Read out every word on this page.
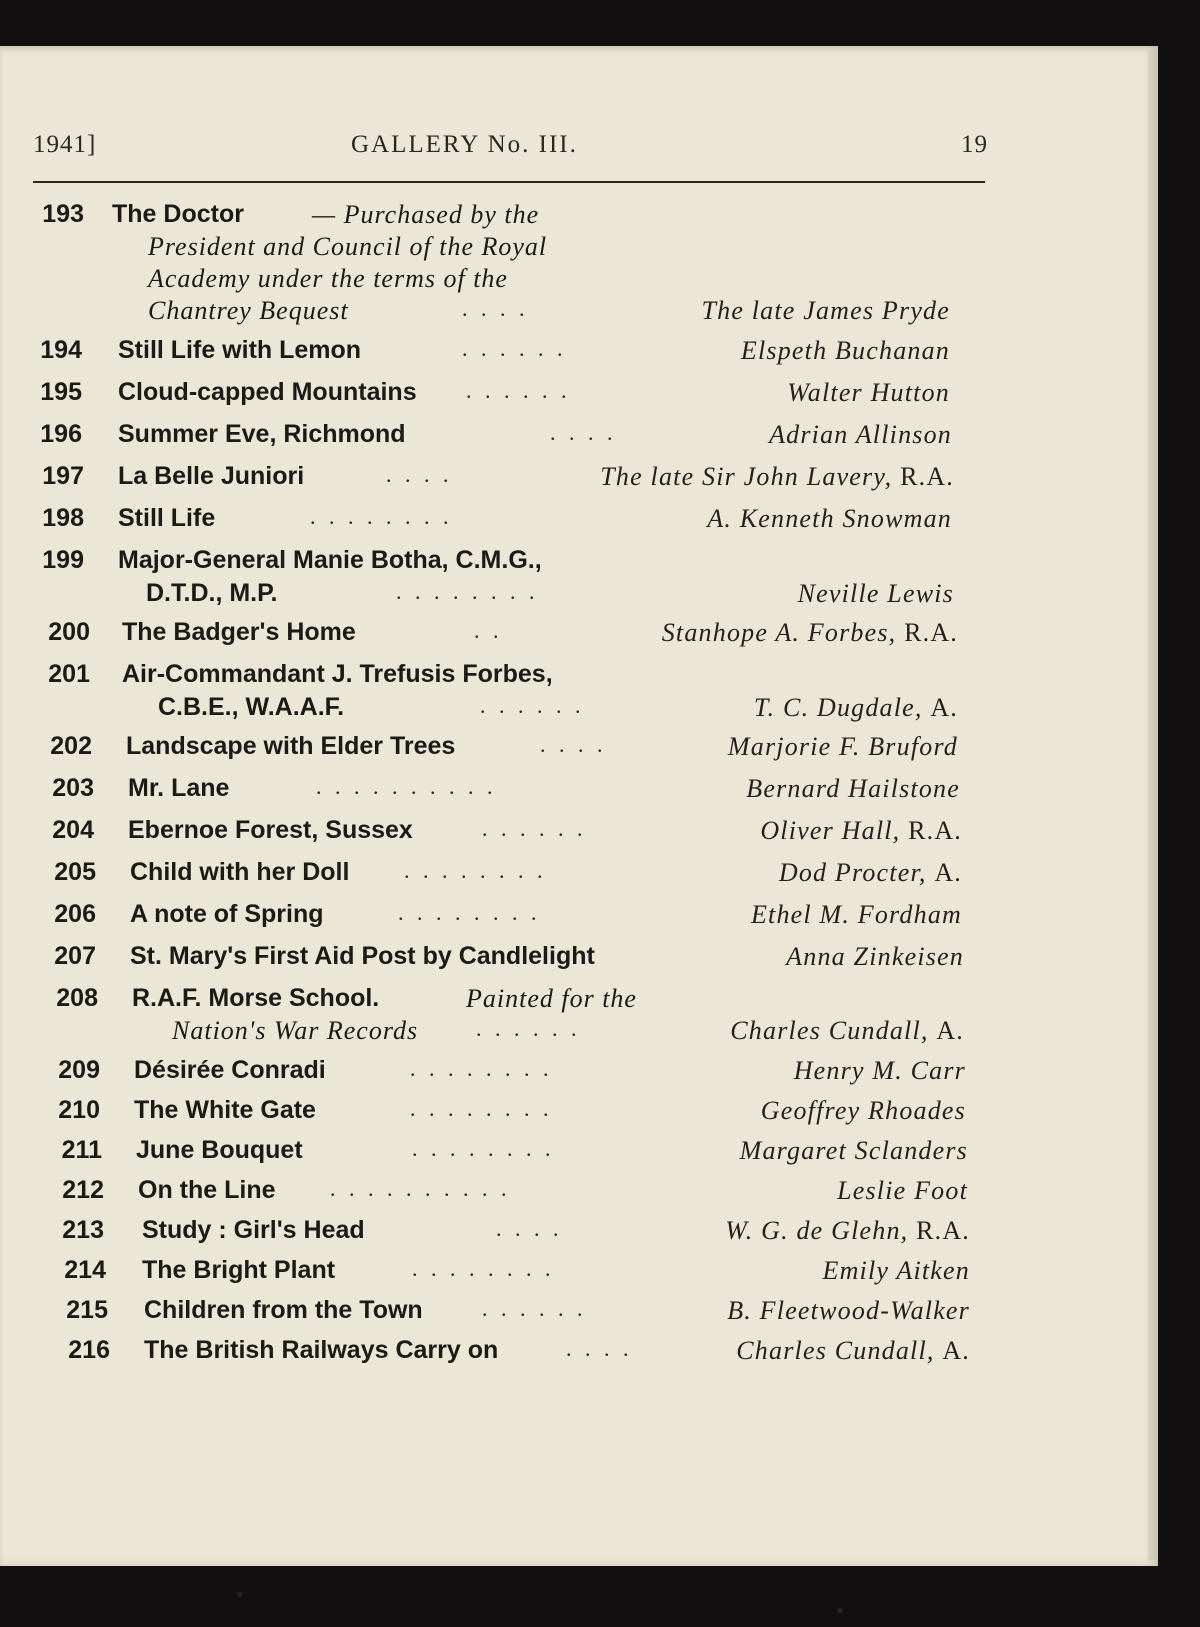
1941]	GALLERY No. III.	19
193 The Doctor	— Purchased by the
President and Council of the Royal
Academy under the terms of the
Chantrey Bequest	. . . .	The late James Pryde
194 Still Life with Lemon	. . . . . .	Elspeth Buchanan
195 Cloud-capped Mountains . . . . . .	Walter Hutton
196 Summer Eve, Richmond	. . . .	Adrian Allinson
197 La Belle Juniori	. . . .	The late Sir John Lavery, R.A.
198 Still Life	. . . . . . . .	A. Kenneth Snowman
199 Major-General Manie Botha, C.M.G.,
D.T.D., M.P.	. . . . . . . .	Neville Lewis
200 The Badger's Home	. .	Stanhope A. Forbes, R.A.
201 Air-Commandant J. Trefusis Forbes,
C.B.E., W.A.A.F.	. . . . . .	T. C. Dugdale, A.
202 Landscape with Elder Trees	. . . .	Marjorie F. Bruford
203 Mr. Lane	. . . . . . . . . .	Bernard Hailstone
204 Ebernoe Forest, Sussex	. . . . . .	Oliver Hall, R.A.
205 Child with her Doll . . . . . . . .	Dod Procter, A.
206 A note of Spring	. . . . . . . .	Ethel M. Fordham
207 St. Mary's First Aid Post by Candlelight	Anna Zinkeisen
208 R.A.F. Morse School.	Painted for the
Nation's War Records	. . . . . .	Charles Cundall, A.
209 Désirée Conradi	. . . . . . . .	Henry M. Carr
210 The White Gate	. . . . . . . .	Geoffrey Rhoades
211 June Bouquet	. . . . . . . .	Margaret Sclanders
212 On the Line . . . . . . . . . .	Leslie Foot
213 Study : Girl's Head	. . . .	W. G. de Glehn, R.A.
214 The Bright Plant	. . . . . . . .	Emily Aitken
215 Children from the Town	. . . . . .	B. Fleetwood-Walker
216 The British Railways Carry on	. . . .	Charles Cundall, A.
